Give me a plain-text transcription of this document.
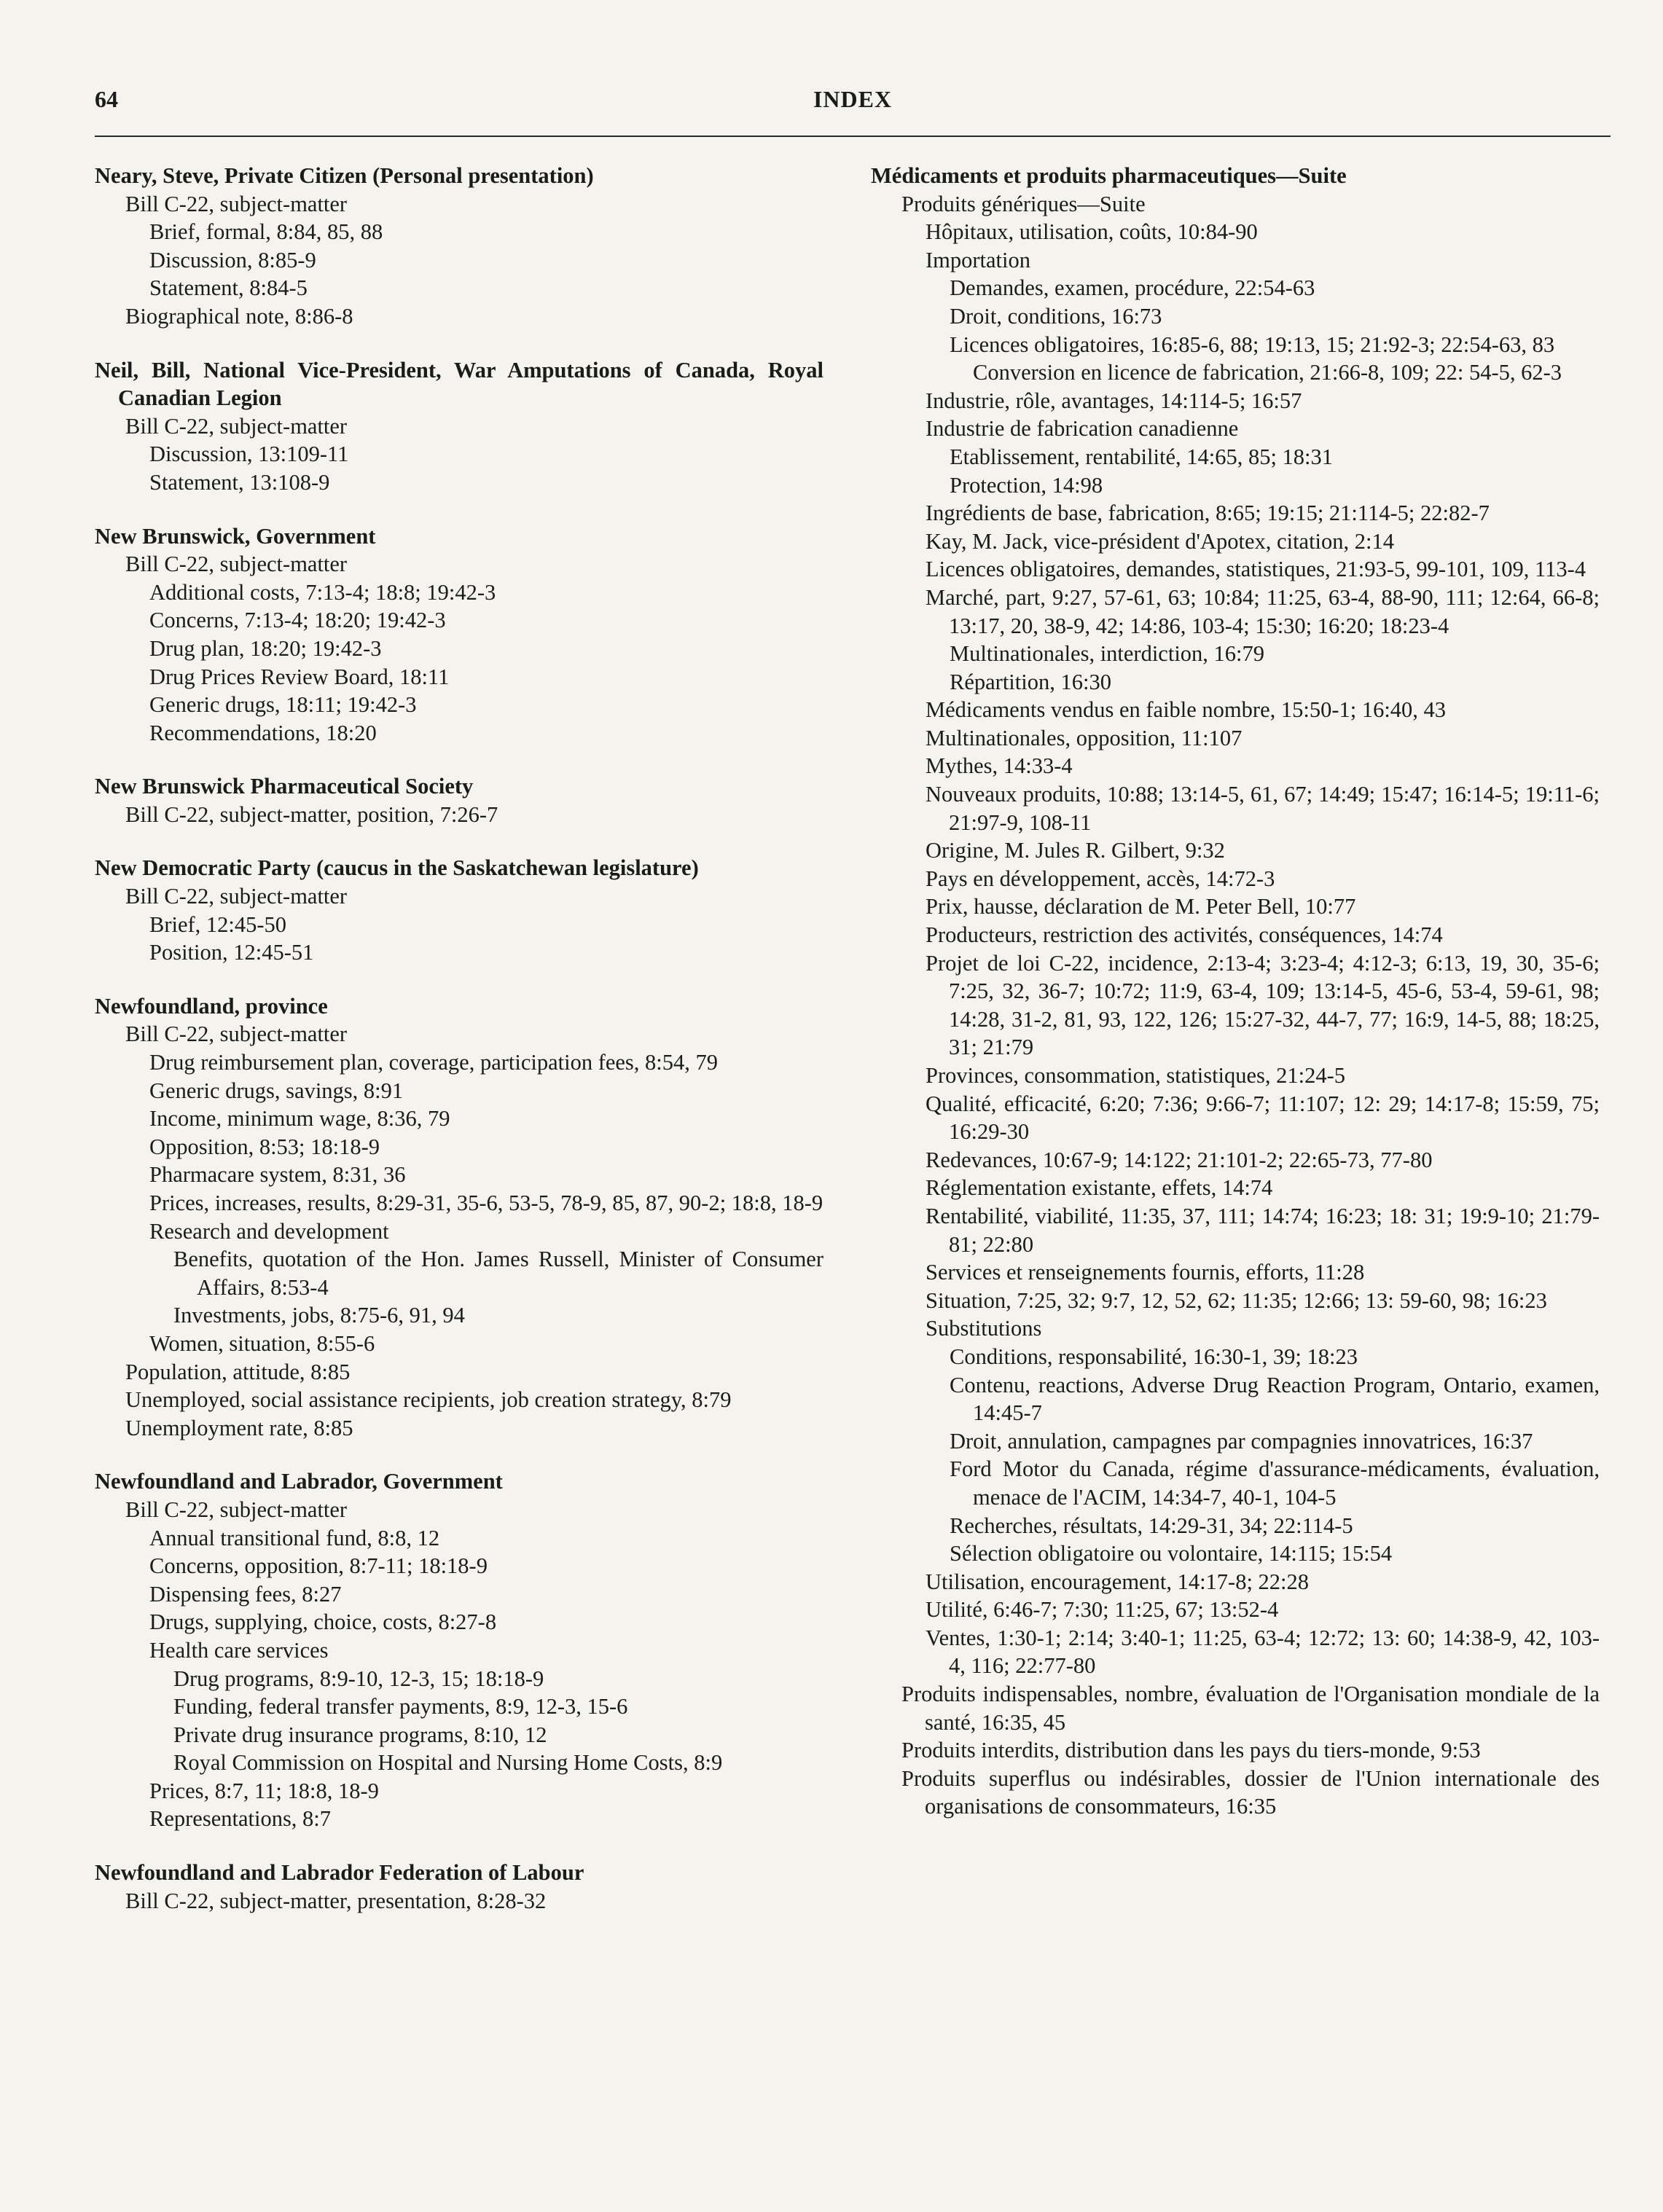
64	INDEX
Neary, Steve, Private Citizen (Personal presentation)
Bill C-22, subject-matter
Brief, formal, 8:84, 85, 88
Discussion, 8:85-9
Statement, 8:84-5
Biographical note, 8:86-8
Neil, Bill, National Vice-President, War Amputations of Canada, Royal Canadian Legion
Bill C-22, subject-matter
Discussion, 13:109-11
Statement, 13:108-9
New Brunswick, Government
Bill C-22, subject-matter
Additional costs, 7:13-4; 18:8; 19:42-3
Concerns, 7:13-4; 18:20; 19:42-3
Drug plan, 18:20; 19:42-3
Drug Prices Review Board, 18:11
Generic drugs, 18:11; 19:42-3
Recommendations, 18:20
New Brunswick Pharmaceutical Society
Bill C-22, subject-matter, position, 7:26-7
New Democratic Party (caucus in the Saskatchewan legislature)
Bill C-22, subject-matter
Brief, 12:45-50
Position, 12:45-51
Newfoundland, province
Bill C-22, subject-matter
Drug reimbursement plan, coverage, participation fees, 8:54, 79
Generic drugs, savings, 8:91
Income, minimum wage, 8:36, 79
Opposition, 8:53; 18:18-9
Pharmacare system, 8:31, 36
Prices, increases, results, 8:29-31, 35-6, 53-5, 78-9, 85, 87, 90-2; 18:8, 18-9
Research and development
Benefits, quotation of the Hon. James Russell, Minister of Consumer Affairs, 8:53-4
Investments, jobs, 8:75-6, 91, 94
Women, situation, 8:55-6
Population, attitude, 8:85
Unemployed, social assistance recipients, job creation strategy, 8:79
Unemployment rate, 8:85
Newfoundland and Labrador, Government
Bill C-22, subject-matter
Annual transitional fund, 8:8, 12
Concerns, opposition, 8:7-11; 18:18-9
Dispensing fees, 8:27
Drugs, supplying, choice, costs, 8:27-8
Health care services
Drug programs, 8:9-10, 12-3, 15; 18:18-9
Funding, federal transfer payments, 8:9, 12-3, 15-6
Private drug insurance programs, 8:10, 12
Royal Commission on Hospital and Nursing Home Costs, 8:9
Prices, 8:7, 11; 18:8, 18-9
Representations, 8:7
Newfoundland and Labrador Federation of Labour
Bill C-22, subject-matter, presentation, 8:28-32
Médicaments et produits pharmaceutiques—Suite
Produits génériques—Suite
Hôpitaux, utilisation, coûts, 10:84-90
Importation
Demandes, examen, procédure, 22:54-63
Droit, conditions, 16:73
Licences obligatoires, 16:85-6, 88; 19:13, 15; 21:92-3; 22:54-63, 83
Conversion en licence de fabrication, 21:66-8, 109; 22: 54-5, 62-3
Industrie, rôle, avantages, 14:114-5; 16:57
Industrie de fabrication canadienne
Etablissement, rentabilité, 14:65, 85; 18:31
Protection, 14:98
Ingrédients de base, fabrication, 8:65; 19:15; 21:114-5; 22:82-7
Kay, M. Jack, vice-président d'Apotex, citation, 2:14
Licences obligatoires, demandes, statistiques, 21:93-5, 99-101, 109, 113-4
Marché, part, 9:27, 57-61, 63; 10:84; 11:25, 63-4, 88-90, 111; 12:64, 66-8; 13:17, 20, 38-9, 42; 14:86, 103-4; 15:30; 16:20; 18:23-4
Multinationales, interdiction, 16:79
Répartition, 16:30
Médicaments vendus en faible nombre, 15:50-1; 16:40, 43
Multinationales, opposition, 11:107
Mythes, 14:33-4
Nouveaux produits, 10:88; 13:14-5, 61, 67; 14:49; 15:47; 16:14-5; 19:11-6; 21:97-9, 108-11
Origine, M. Jules R. Gilbert, 9:32
Pays en développement, accès, 14:72-3
Prix, hausse, déclaration de M. Peter Bell, 10:77
Producteurs, restriction des activités, conséquences, 14:74
Projet de loi C-22, incidence, 2:13-4; 3:23-4; 4:12-3; 6:13, 19, 30, 35-6; 7:25, 32, 36-7; 10:72; 11:9, 63-4, 109; 13:14-5, 45-6, 53-4, 59-61, 98; 14:28, 31-2, 81, 93, 122, 126; 15:27-32, 44-7, 77; 16:9, 14-5, 88; 18:25, 31; 21:79
Provinces, consommation, statistiques, 21:24-5
Qualité, efficacité, 6:20; 7:36; 9:66-7; 11:107; 12: 29; 14:17-8; 15:59, 75; 16:29-30
Redevances, 10:67-9; 14:122; 21:101-2; 22:65-73, 77-80
Réglementation existante, effets, 14:74
Rentabilité, viabilité, 11:35, 37, 111; 14:74; 16:23; 18: 31; 19:9-10; 21:79-81; 22:80
Services et renseignements fournis, efforts, 11:28
Situation, 7:25, 32; 9:7, 12, 52, 62; 11:35; 12:66; 13: 59-60, 98; 16:23
Substitutions
Conditions, responsabilité, 16:30-1, 39; 18:23
Contenu, reactions, Adverse Drug Reaction Program, Ontario, examen, 14:45-7
Droit, annulation, campagnes par compagnies innovatrices, 16:37
Ford Motor du Canada, régime d'assurance-médicaments, évaluation, menace de l'ACIM, 14:34-7, 40-1, 104-5
Recherches, résultats, 14:29-31, 34; 22:114-5
Sélection obligatoire ou volontaire, 14:115; 15:54
Utilisation, encouragement, 14:17-8; 22:28
Utilité, 6:46-7; 7:30; 11:25, 67; 13:52-4
Ventes, 1:30-1; 2:14; 3:40-1; 11:25, 63-4; 12:72; 13: 60; 14:38-9, 42, 103-4, 116; 22:77-80
Produits indispensables, nombre, évaluation de l'Organisation mondiale de la santé, 16:35, 45
Produits interdits, distribution dans les pays du tiers-monde, 9:53
Produits superflus ou indésirables, dossier de l'Union internationale des organisations de consommateurs, 16:35
